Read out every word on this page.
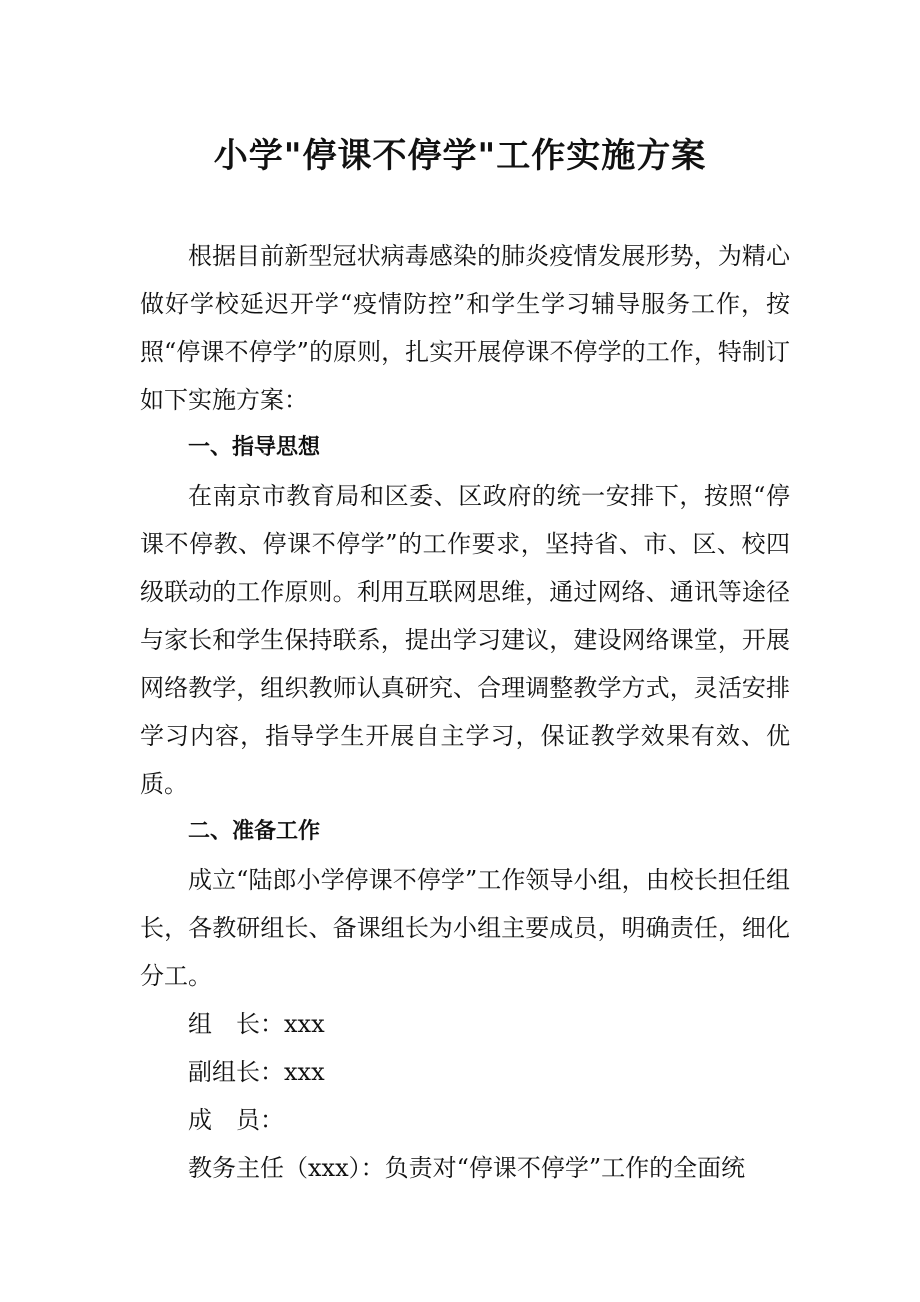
小学"停课不停学"工作实施方案

根据目前新型冠状病毒感染的肺炎疫情发展形势，为精心做好学校延迟开学“疫情防控”和学生学习辅导服务工作，按照“停课不停学”的原则，扎实开展停课不停学的工作，特制订如下实施方案：

一、指导思想

在南京市教育局和区委、区政府的统一安排下，按照“停课不停教、停课不停学”的工作要求，坚持省、市、区、校四级联动的工作原则。利用互联网思维，通过网络、通讯等途径与家长和学生保持联系，提出学习建议，建设网络课堂，开展网络教学，组织教师认真研究、合理调整教学方式，灵活安排学习内容，指导学生开展自主学习，保证教学效果有效、优质。

二、准备工作

成立“陆郎小学停课不停学”工作领导小组，由校长担任组长，各教研组长、备课组长为小组主要成员，明确责任，细化分工。

组　长：xxx

副组长：xxx

成　员：

教务主任（xxx）：负责对“停课不停学”工作的全面统
